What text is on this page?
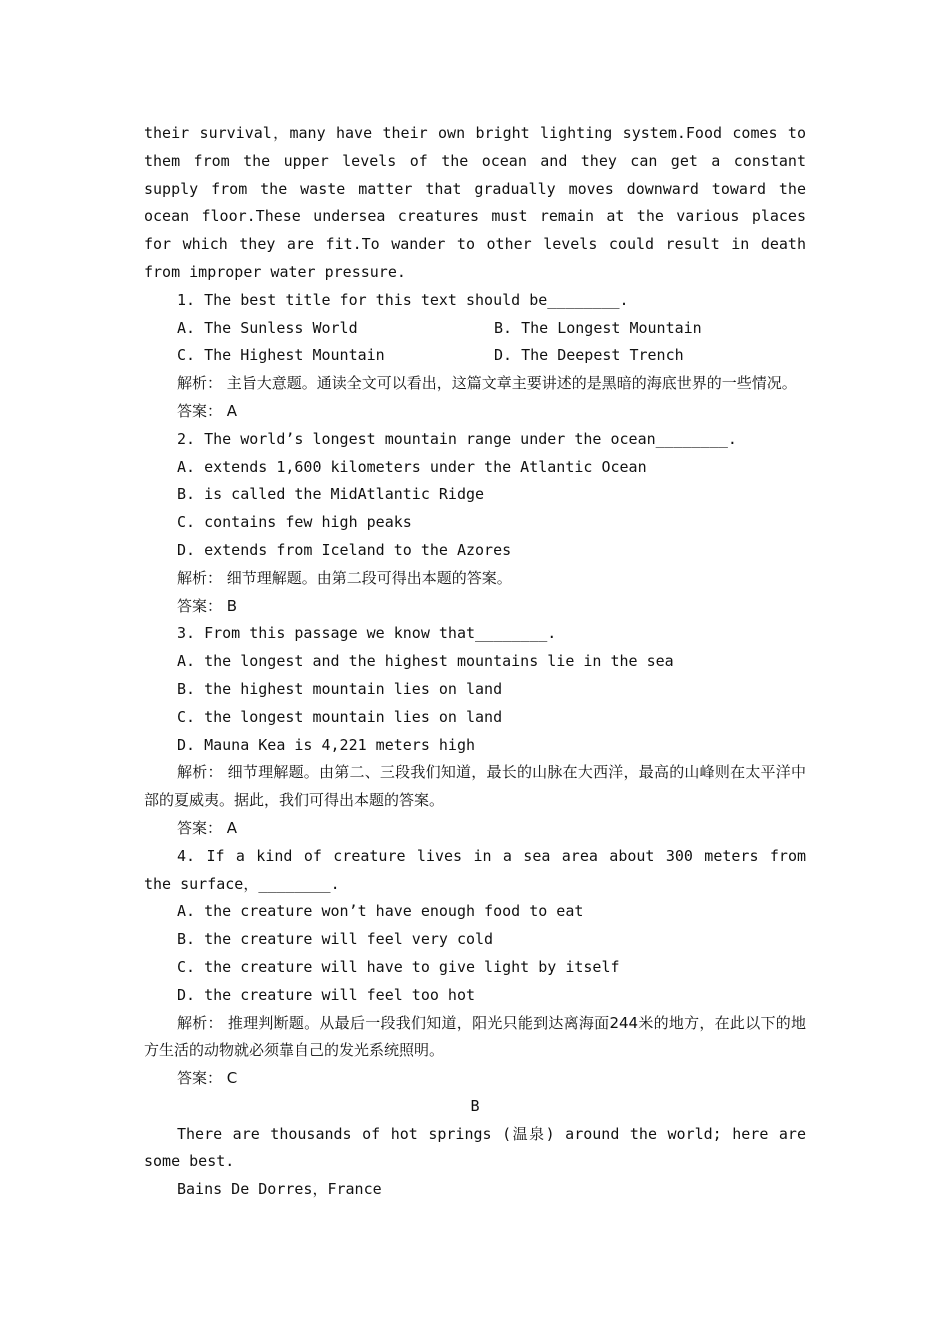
their survival，many have their own bright lighting system.Food comes to them from the upper levels of the ocean and they can get a constant supply from the waste matter that gradually moves downward toward the ocean floor.These undersea creatures must remain at the various places for which they are fit.To wander to other levels could result in death from improper water pressure.

1. The best title for this text should be________.

A. The Sunless World	B. The Longest Mountain
C. The Highest Mountain	D. The Deepest Trench

解析： 主旨大意题。通读全文可以看出，这篇文章主要讲述的是黑暗的海底世界的一些情况。

答案： A

2. The world’s longest mountain range under the ocean________.

A. extends 1,600 kilometers under the Atlantic Ocean
B. is called the MidAtlantic Ridge
C. contains few high peaks
D. extends from Iceland to the Azores

解析： 细节理解题。由第二段可得出本题的答案。

答案： B

3. From this passage we know that________.

A. the longest and the highest mountains lie in the sea
B. the highest mountain lies on land
C. the longest mountain lies on land
D. Mauna Kea is 4,221 meters high

解析： 细节理解题。由第二、三段我们知道，最长的山脉在大西洋，最高的山峰则在太平洋中部的夏威夷。据此，我们可得出本题的答案。

答案： A

4. If a kind of creature lives in a sea area about 300 meters from the surface，________.

A. the creature won’t have enough food to eat
B. the creature will feel very cold
C. the creature will have to give light by itself
D. the creature will feel too hot

解析： 推理判断题。从最后一段我们知道，阳光只能到达离海面244米的地方，在此以下的地方生活的动物就必须靠自己的发光系统照明。

答案： C

B

There are thousands of hot springs (温泉) around the world; here are some best.

Bains De Dorres，France
